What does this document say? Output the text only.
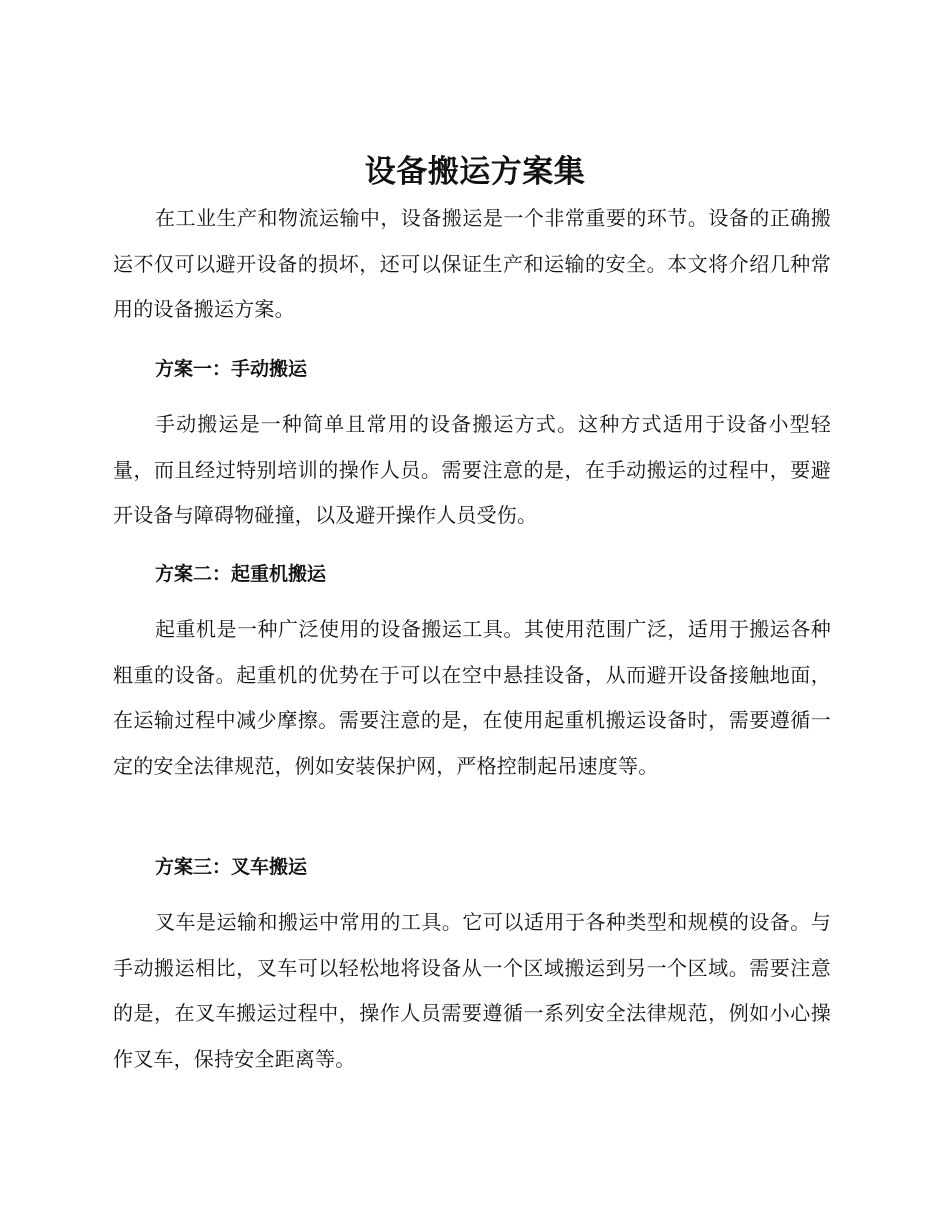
设备搬运方案集

在工业生产和物流运输中，设备搬运是一个非常重要的环节。设备的正确搬运不仅可以避开设备的损坏，还可以保证生产和运输的安全。本文将介绍几种常用的设备搬运方案。

方案一：手动搬运

手动搬运是一种简单且常用的设备搬运方式。这种方式适用于设备小型轻量，而且经过特别培训的操作人员。需要注意的是，在手动搬运的过程中，要避开设备与障碍物碰撞，以及避开操作人员受伤。

方案二：起重机搬运

起重机是一种广泛使用的设备搬运工具。其使用范围广泛，适用于搬运各种粗重的设备。起重机的优势在于可以在空中悬挂设备，从而避开设备接触地面，在运输过程中减少摩擦。需要注意的是，在使用起重机搬运设备时，需要遵循一定的安全法律规范，例如安装保护网，严格控制起吊速度等。

方案三：叉车搬运

叉车是运输和搬运中常用的工具。它可以适用于各种类型和规模的设备。与手动搬运相比，叉车可以轻松地将设备从一个区域搬运到另一个区域。需要注意的是，在叉车搬运过程中，操作人员需要遵循一系列安全法律规范，例如小心操作叉车，保持安全距离等。
